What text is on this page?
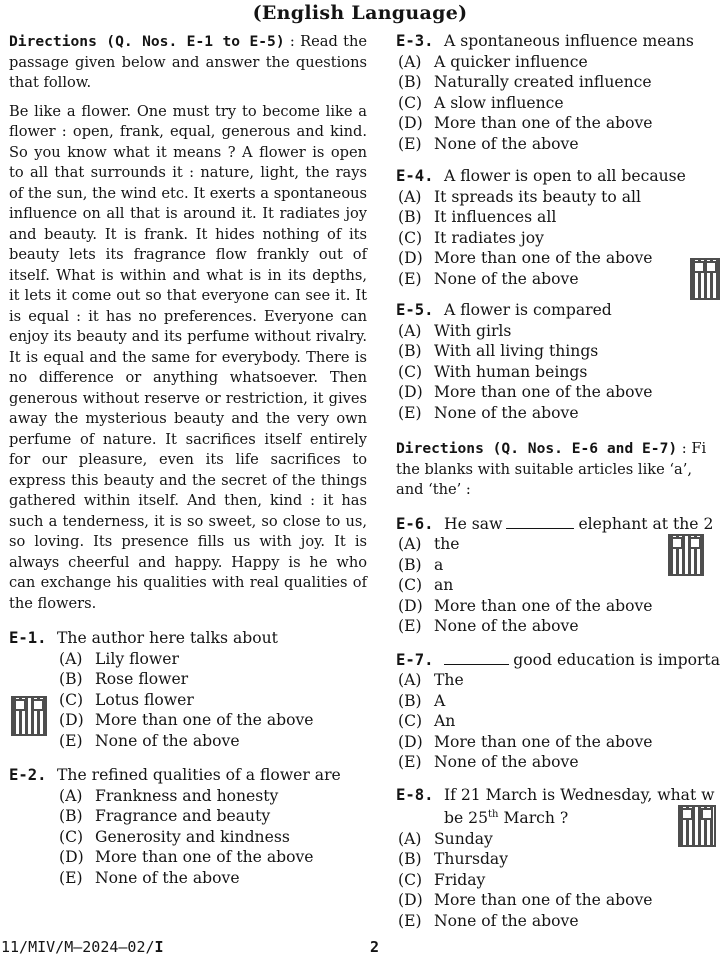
(English Language)

Directions (Q. Nos. E-1 to E-5) : Read the passage given below and answer the questions that follow.

Be like a flower. One must try to become like a flower : open, frank, equal, generous and kind. So you know what it means ? A flower is open to all that surrounds it : nature, light, the rays of the sun, the wind etc. It exerts a spontaneous influence on all that is around it. It radiates joy and beauty. It is frank. It hides nothing of its beauty lets its fragrance flow frankly out of itself. What is within and what is in its depths, it lets it come out so that everyone can see it. It is equal : it has no preferences. Everyone can enjoy its beauty and its perfume without rivalry. It is equal and the same for everybody. There is no difference or anything whatsoever. Then generous without reserve or restriction, it gives away the mysterious beauty and the very own perfume of nature. It sacrifices itself entirely for our pleasure, even its life sacrifices to express this beauty and the secret of the things gathered within itself. And then, kind : it has such a tenderness, it is so sweet, so close to us, so loving. Its presence fills us with joy. It is always cheerful and happy. Happy is he who can exchange his qualities with real qualities of the flowers.

E-1. The author here talks about
(A) Lily flower
(B) Rose flower
(C) Lotus flower
(D) More than one of the above
(E) None of the above
E-2. The refined qualities of a flower are
(A) Frankness and honesty
(B) Fragrance and beauty
(C) Generosity and kindness
(D) More than one of the above
(E) None of the above
E-3. A spontaneous influence means
(A) A quicker influence
(B) Naturally created influence
(C) A slow influence
(D) More than one of the above
(E) None of the above
E-4. A flower is open to all because
(A) It spreads its beauty to all
(B) It influences all
(C) It radiates joy
(D) More than one of the above
(E) None of the above
E-5. A flower is compared
(A) With girls
(B) With all living things
(C) With human beings
(D) More than one of the above
(E) None of the above
Directions (Q. Nos. E-6 and E-7) : Fi
the blanks with suitable articles like ‘a’,
and ‘the’ :
E-6. He saw	elephant at the 2
(A) the
(B) a
(C) an
(D) More than one of the above
(E) None of the above
E-7.	good education is importa
(A) The
(B) A
(C) An
(D) More than one of the above
(E) None of the above
E-8. If 21 March is Wednesday, what w
be 25th March ?
(A) Sunday
(B) Thursday
(C) Friday
(D) More than one of the above
(E) None of the above
11/MIV/M–2024–02/I	2
